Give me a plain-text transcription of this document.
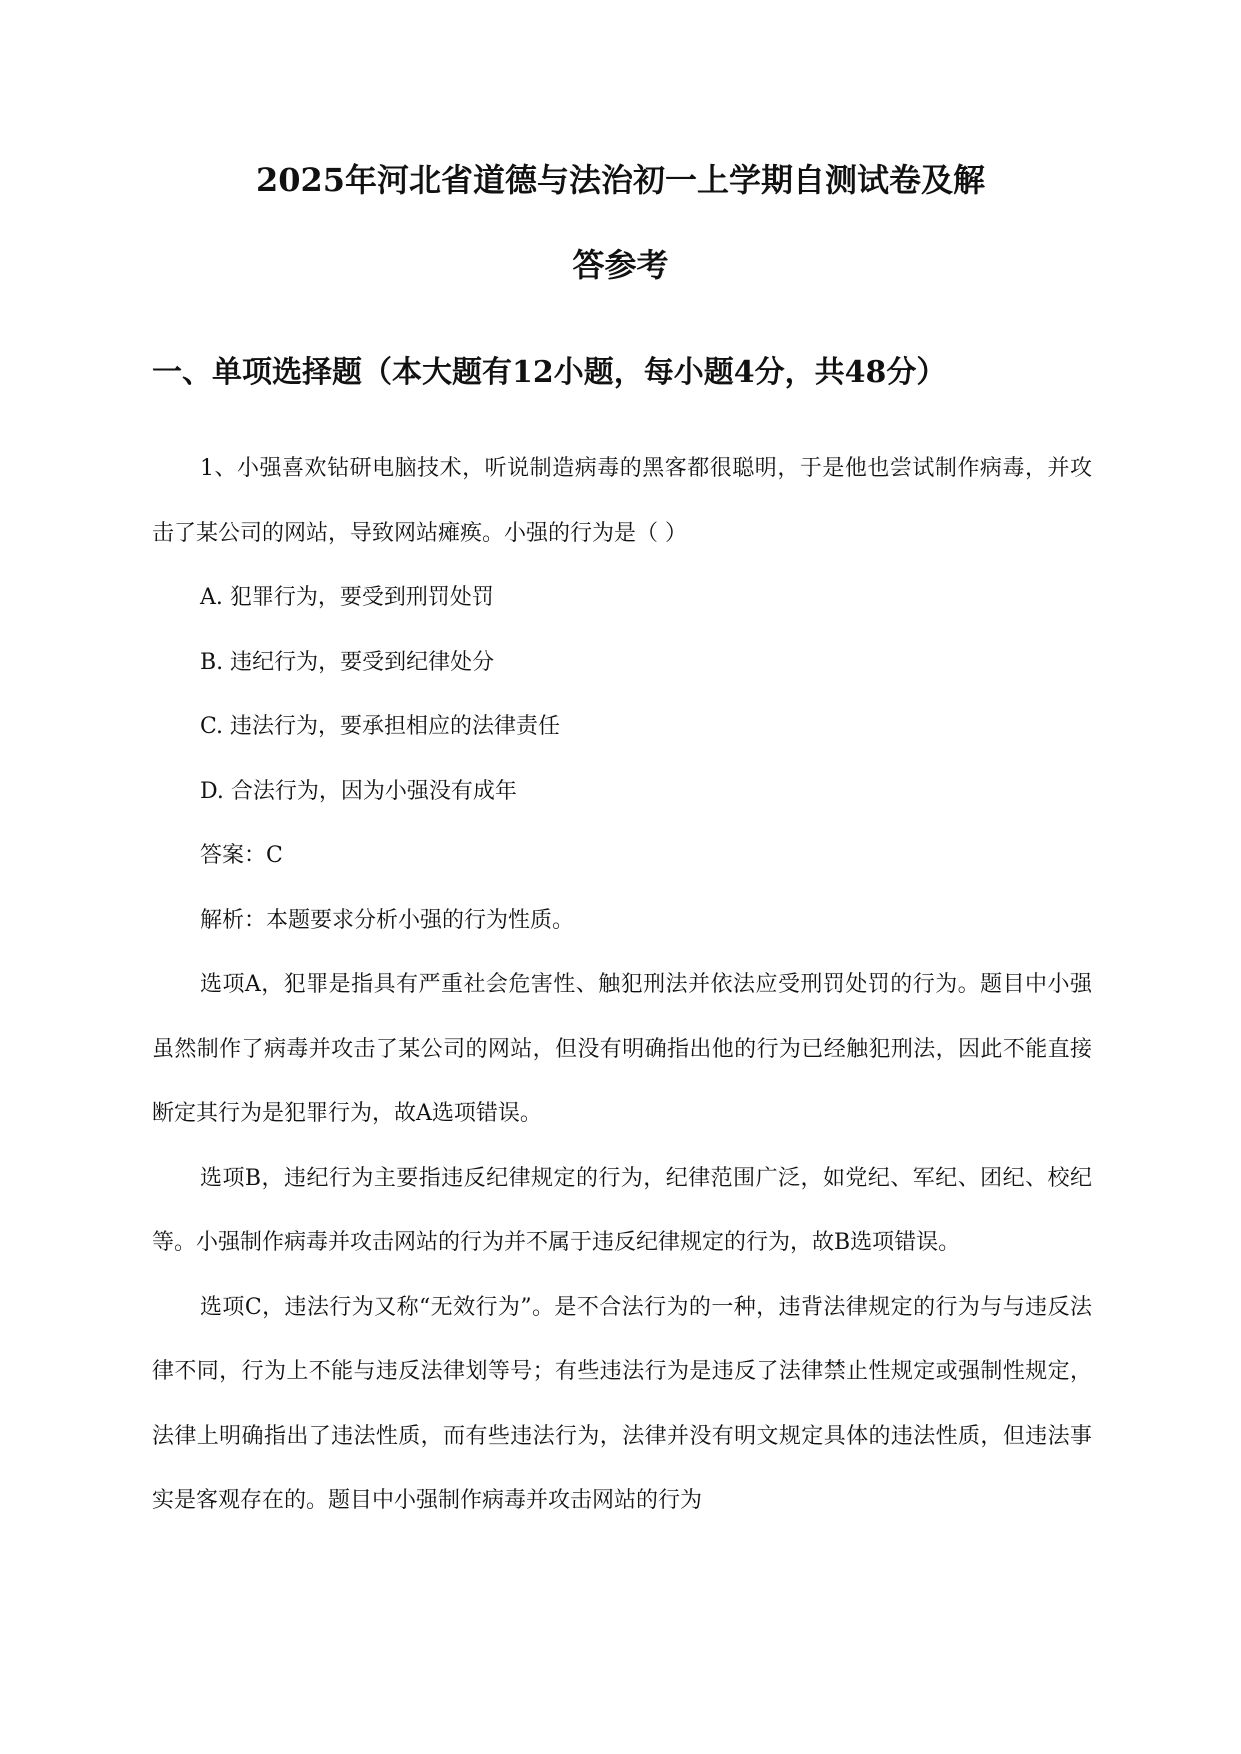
2025年河北省道德与法治初一上学期自测试卷及解
答参考
一、单项选择题（本大题有12小题，每小题4分，共48分）

1、小强喜欢钻研电脑技术，听说制造病毒的黑客都很聪明，于是他也尝试制作病毒，并攻击了某公司的网站，导致网站瘫痪。小强的行为是（ ）

A. 犯罪行为，要受到刑罚处罚

B. 违纪行为，要受到纪律处分

C. 违法行为，要承担相应的法律责任

D. 合法行为，因为小强没有成年

答案：C

解析：本题要求分析小强的行为性质。

选项A，犯罪是指具有严重社会危害性、触犯刑法并依法应受刑罚处罚的行为。题目中小强虽然制作了病毒并攻击了某公司的网站，但没有明确指出他的行为已经触犯刑法，因此不能直接断定其行为是犯罪行为，故A选项错误。

选项B，违纪行为主要指违反纪律规定的行为，纪律范围广泛，如党纪、军纪、团纪、校纪等。小强制作病毒并攻击网站的行为并不属于违反纪律规定的行为，故B选项错误。

选项C，违法行为又称“无效行为”。是不合法行为的一种，违背法律规定的行为与与违反法律不同，行为上不能与违反法律划等号；有些违法行为是违反了法律禁止性规定或强制性规定，法律上明确指出了违法性质，而有些违法行为，法律并没有明文规定具体的违法性质，但违法事实是客观存在的。题目中小强制作病毒并攻击网站的行为
